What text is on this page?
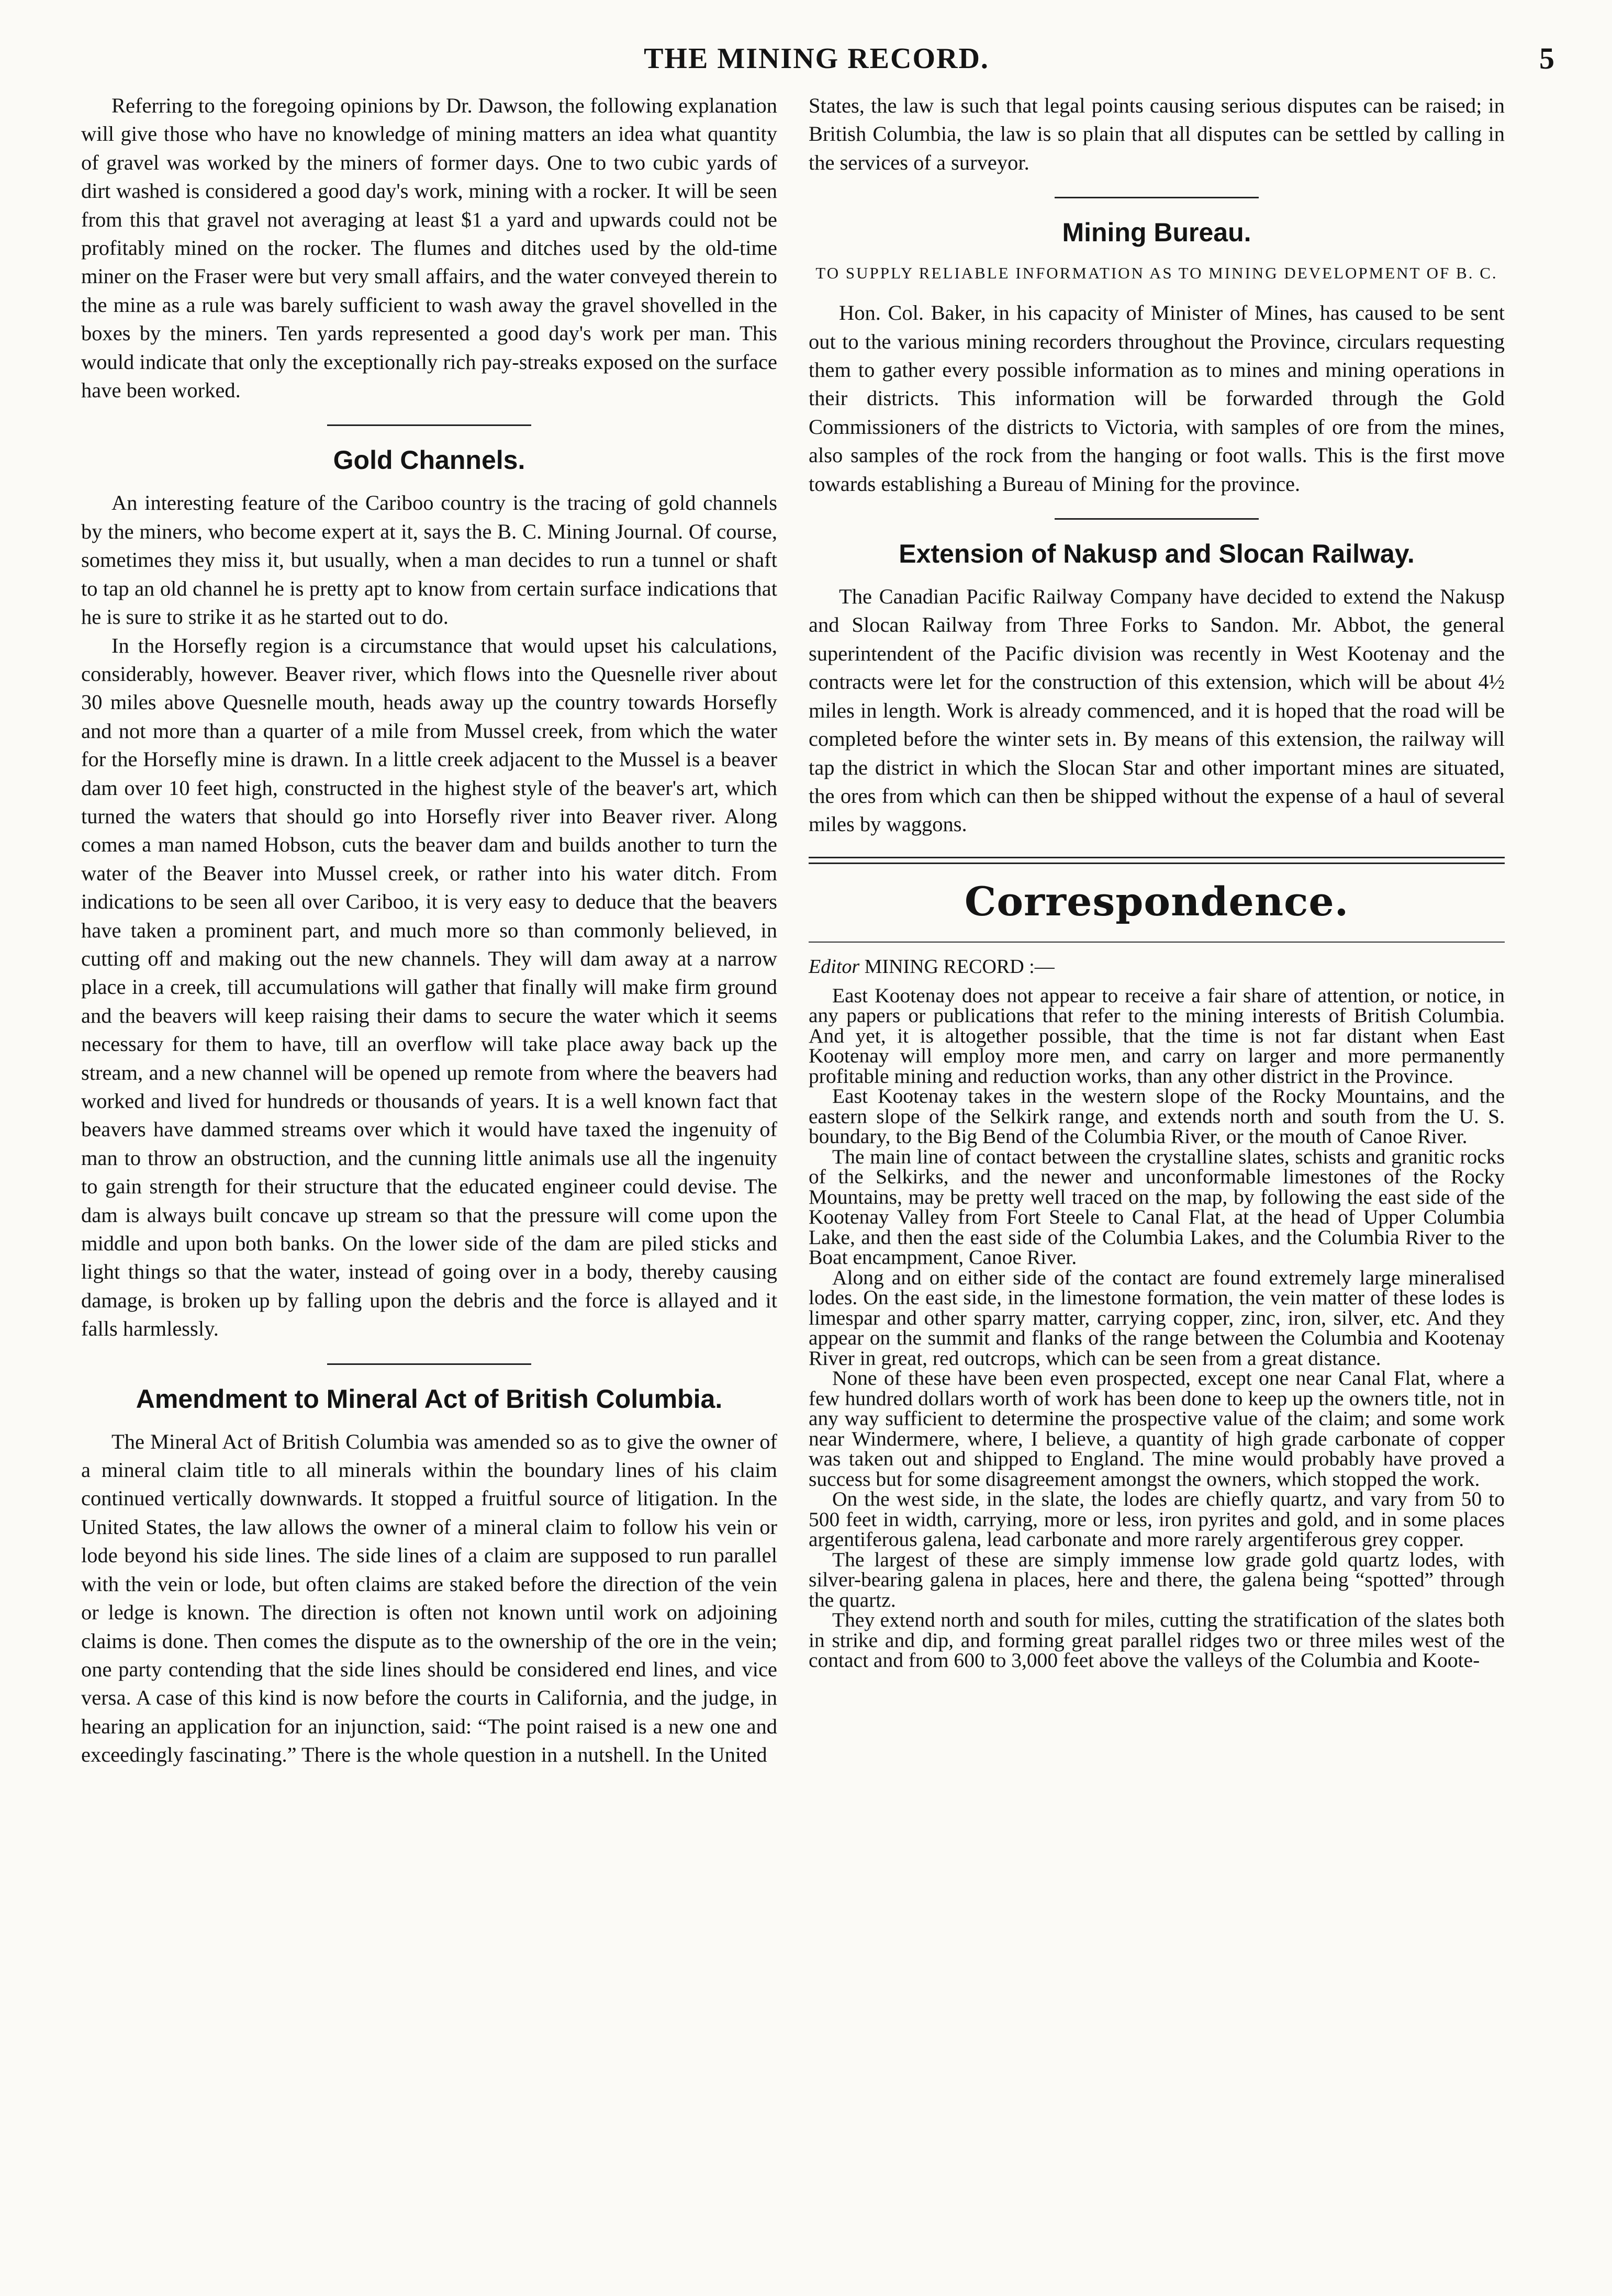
THE MINING RECORD.	5

Referring to the foregoing opinions by Dr. Dawson, the following explanation will give those who have no knowledge of mining matters an idea what quantity of gravel was worked by the miners of former days. One to two cubic yards of dirt washed is considered a good day's work, mining with a rocker. It will be seen from this that gravel not averaging at least $1 a yard and upwards could not be profitably mined on the rocker. The flumes and ditches used by the old-time miner on the Fraser were but very small affairs, and the water conveyed therein to the mine as a rule was barely sufficient to wash away the gravel shovelled in the boxes by the miners. Ten yards represented a good day's work per man. This would indicate that only the exceptionally rich pay-streaks exposed on the surface have been worked.

Gold Channels.

An interesting feature of the Cariboo country is the tracing of gold channels by the miners, who become expert at it, says the B. C. Mining Journal. Of course, sometimes they miss it, but usually, when a man decides to run a tunnel or shaft to tap an old channel he is pretty apt to know from certain surface indications that he is sure to strike it as he started out to do.

In the Horsefly region is a circumstance that would upset his calculations, considerably, however. Beaver river, which flows into the Quesnelle river about 30 miles above Quesnelle mouth, heads away up the country towards Horsefly and not more than a quarter of a mile from Mussel creek, from which the water for the Horsefly mine is drawn. In a little creek adjacent to the Mussel is a beaver dam over 10 feet high, constructed in the highest style of the beaver's art, which turned the waters that should go into Horsefly river into Beaver river. Along comes a man named Hobson, cuts the beaver dam and builds another to turn the water of the Beaver into Mussel creek, or rather into his water ditch. From indications to be seen all over Cariboo, it is very easy to deduce that the beavers have taken a prominent part, and much more so than commonly believed, in cutting off and making out the new channels. They will dam away at a narrow place in a creek, till accumulations will gather that finally will make firm ground and the beavers will keep raising their dams to secure the water which it seems necessary for them to have, till an overflow will take place away back up the stream, and a new channel will be opened up remote from where the beavers had worked and lived for hundreds or thousands of years. It is a well known fact that beavers have dammed streams over which it would have taxed the ingenuity of man to throw an obstruction, and the cunning little animals use all the ingenuity to gain strength for their structure that the educated engineer could devise. The dam is always built concave up stream so that the pressure will come upon the middle and upon both banks. On the lower side of the dam are piled sticks and light things so that the water, instead of going over in a body, thereby causing damage, is broken up by falling upon the debris and the force is allayed and it falls harmlessly.

Amendment to Mineral Act of British Columbia.

The Mineral Act of British Columbia was amended so as to give the owner of a mineral claim title to all minerals within the boundary lines of his claim continued vertically downwards. It stopped a fruitful source of litigation. In the United States, the law allows the owner of a mineral claim to follow his vein or lode beyond his side lines. The side lines of a claim are supposed to run parallel with the vein or lode, but often claims are staked before the direction of the vein or ledge is known. The direction is often not known until work on adjoining claims is done. Then comes the dispute as to the ownership of the ore in the vein; one party contending that the side lines should be considered end lines, and vice versa. A case of this kind is now before the courts in California, and the judge, in hearing an application for an injunction, said: “The point raised is a new one and exceedingly fascinating.” There is the whole question in a nutshell. In the United

States, the law is such that legal points causing serious disputes can be raised; in British Columbia, the law is so plain that all disputes can be settled by calling in the services of a surveyor.

Mining Bureau.
TO SUPPLY RELIABLE INFORMATION AS TO MINING DEVELOPMENT OF B. C.

Hon. Col. Baker, in his capacity of Minister of Mines, has caused to be sent out to the various mining recorders throughout the Province, circulars requesting them to gather every possible information as to mines and mining operations in their districts. This information will be forwarded through the Gold Commissioners of the districts to Victoria, with samples of ore from the mines, also samples of the rock from the hanging or foot walls. This is the first move towards establishing a Bureau of Mining for the province.

Extension of Nakusp and Slocan Railway.

The Canadian Pacific Railway Company have decided to extend the Nakusp and Slocan Railway from Three Forks to Sandon. Mr. Abbot, the general superintendent of the Pacific division was recently in West Kootenay and the contracts were let for the construction of this extension, which will be about 4½ miles in length. Work is already commenced, and it is hoped that the road will be completed before the winter sets in. By means of this extension, the railway will tap the district in which the Slocan Star and other important mines are situated, the ores from which can then be shipped without the expense of a haul of several miles by waggons.

Correspondence.
Editor MINING RECORD :—

East Kootenay does not appear to receive a fair share of attention, or notice, in any papers or publications that refer to the mining interests of British Columbia. And yet, it is altogether possible, that the time is not far distant when East Kootenay will employ more men, and carry on larger and more permanently profitable mining and reduction works, than any other district in the Province.

East Kootenay takes in the western slope of the Rocky Mountains, and the eastern slope of the Selkirk range, and extends north and south from the U. S. boundary, to the Big Bend of the Columbia River, or the mouth of Canoe River.

The main line of contact between the crystalline slates, schists and granitic rocks of the Selkirks, and the newer and unconformable limestones of the Rocky Mountains, may be pretty well traced on the map, by following the east side of the Kootenay Valley from Fort Steele to Canal Flat, at the head of Upper Columbia Lake, and then the east side of the Columbia Lakes, and the Columbia River to the Boat encampment, Canoe River.

Along and on either side of the contact are found extremely large mineralised lodes. On the east side, in the limestone formation, the vein matter of these lodes is limespar and other sparry matter, carrying copper, zinc, iron, silver, etc. And they appear on the summit and flanks of the range between the Columbia and Kootenay River in great, red outcrops, which can be seen from a great distance.

None of these have been even prospected, except one near Canal Flat, where a few hundred dollars worth of work has been done to keep up the owners title, not in any way sufficient to determine the prospective value of the claim; and some work near Windermere, where, I believe, a quantity of high grade carbonate of copper was taken out and shipped to England. The mine would probably have proved a success but for some disagreement amongst the owners, which stopped the work.

On the west side, in the slate, the lodes are chiefly quartz, and vary from 50 to 500 feet in width, carrying, more or less, iron pyrites and gold, and in some places argentiferous galena, lead carbonate and more rarely argentiferous grey copper.

The largest of these are simply immense low grade gold quartz lodes, with silver-bearing galena in places, here and there, the galena being “spotted” through the quartz.

They extend north and south for miles, cutting the stratification of the slates both in strike and dip, and forming great parallel ridges two or three miles west of the contact and from 600 to 3,000 feet above the valleys of the Columbia and Koote-
